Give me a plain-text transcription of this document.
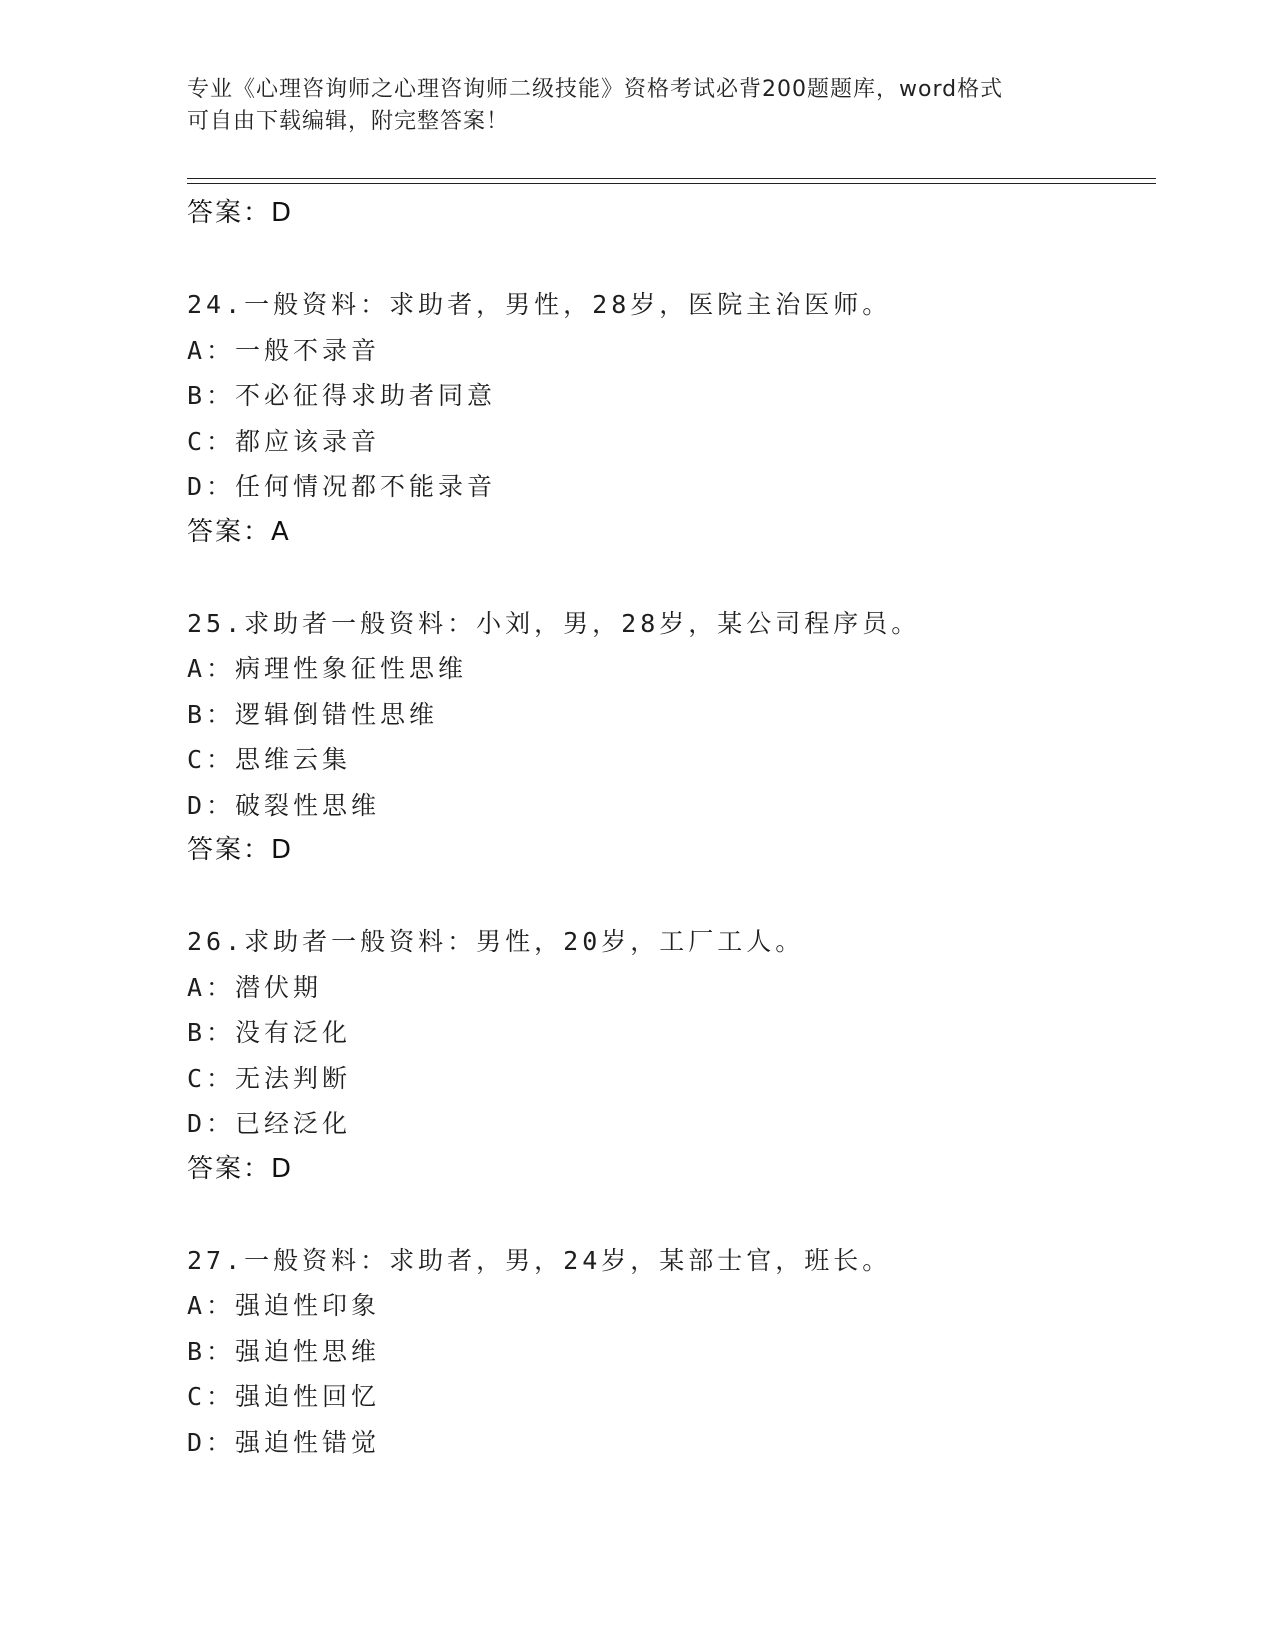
专业《心理咨询师之心理咨询师二级技能》资格考试必背200题题库，word格式
可自由下载编辑，附完整答案！
答案：D
24.一般资料：求助者，男性，28岁，医院主治医师。
A：一般不录音
B：不必征得求助者同意
C：都应该录音
D：任何情况都不能录音
答案：A
25.求助者一般资料：小刘，男，28岁，某公司程序员。
A：病理性象征性思维
B：逻辑倒错性思维
C：思维云集
D：破裂性思维
答案：D
26.求助者一般资料：男性，20岁，工厂工人。
A：潜伏期
B：没有泛化
C：无法判断
D：已经泛化
答案：D
27.一般资料：求助者，男，24岁，某部士官，班长。
A：强迫性印象
B：强迫性思维
C：强迫性回忆
D：强迫性错觉
